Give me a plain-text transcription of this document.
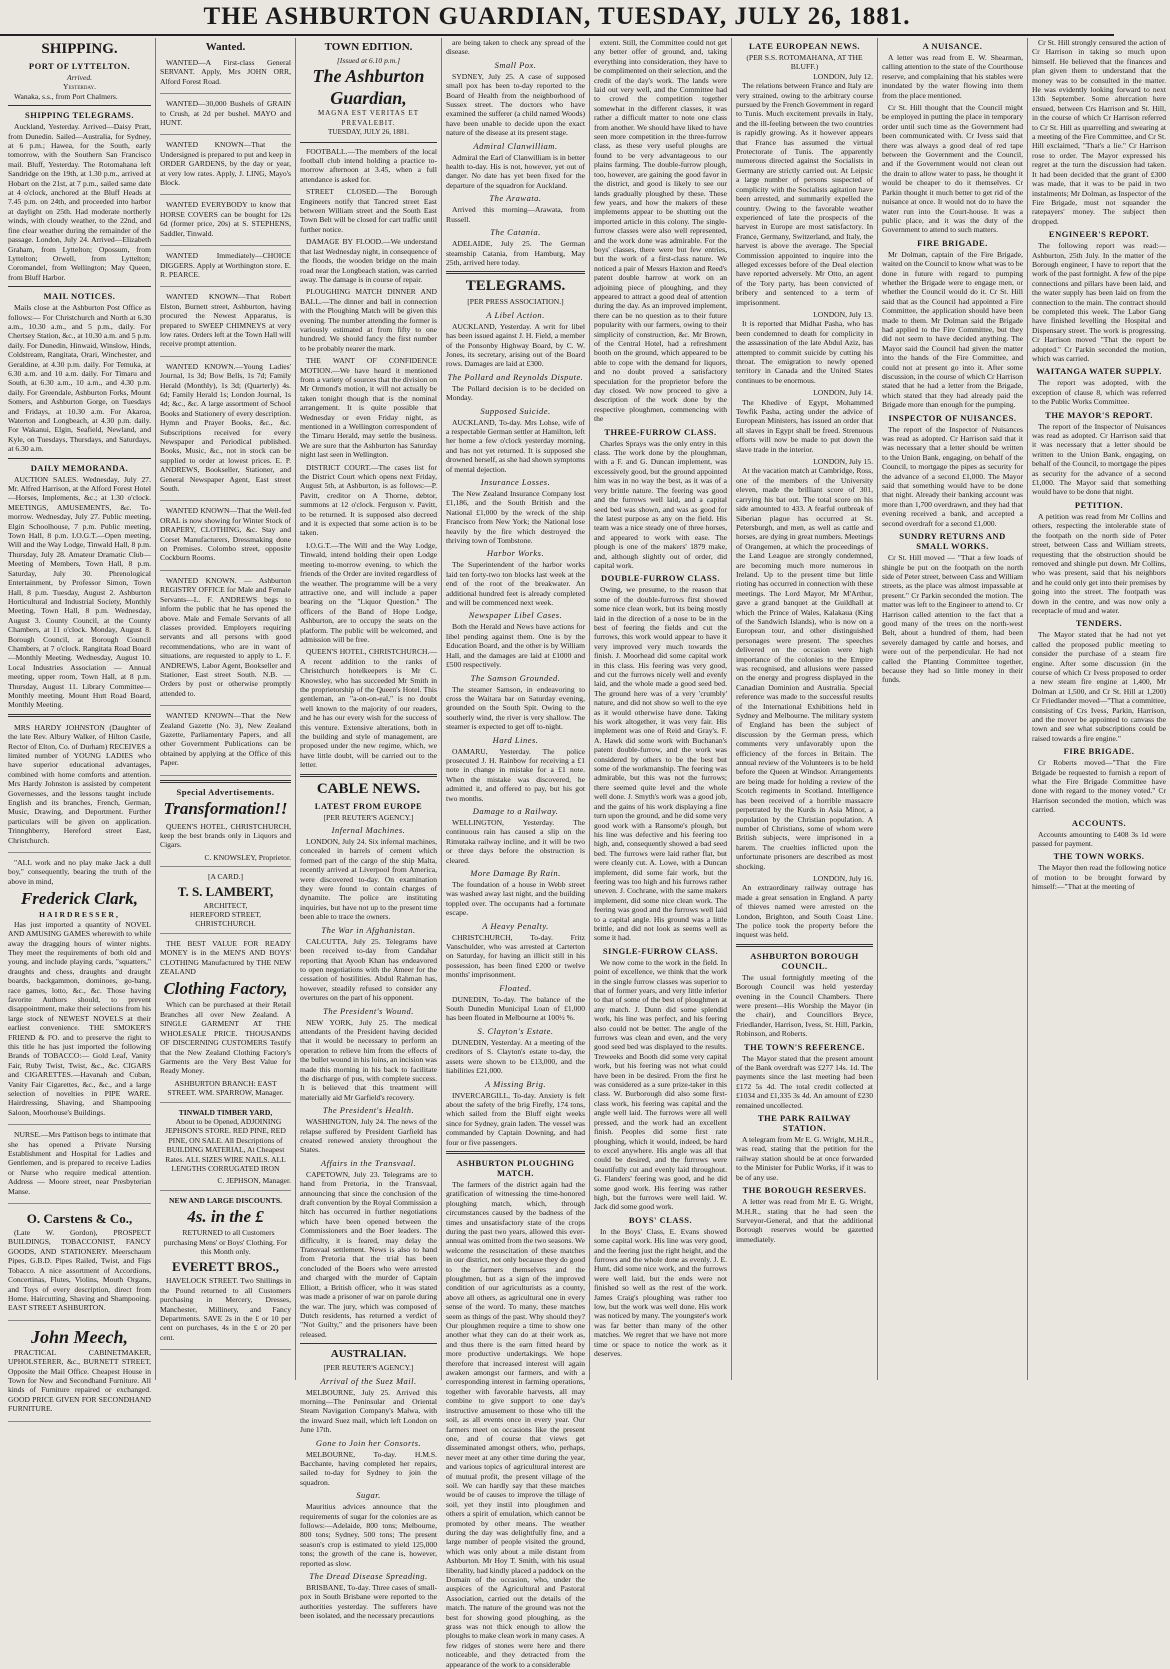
THE ASHBURTON GUARDIAN, TUESDAY, JULY 26, 1881.
SHIPPING.
PORT OF LYTTELTON.
Arrived.
Yesterday.

Wanaka, s.s., from Port Chalmers.

SHIPPING TELEGRAMS.

Auckland, Yesterday. Arrived—Daisy Pratt, from Dunedin. Sailed—Australia, for Sydney, at 6 p.m.; Hawea, for the South, early tomorrow, with the Southern San Francisco mail. Bluff, Yesterday. The Rotomahana left Sandridge on the 19th, at 1.30 p.m., arrived at Hobart on the 21st, at 7 p.m., sailed same date at 4 o'clock, anchored at the Bluff Heads at 7.45 p.m. on 24th, and proceeded into harbor at daylight on 25th. Had moderate northerly winds, with cloudy weather, to the 22nd, and fine clear weather during the remainder of the passage. London, July 24. Arrived—Elizabeth Graham, from Lyttelton; Opossum, from Lyttelton; Orwell, from Lyttelton; Coromandel, from Wellington; May Queen, from Bluff Harbor.

MAIL NOTICES.

Mails close at the Ashburton Post Office as follows:— For Christchurch and North at 6.30 a.m., 10.30 a.m., and 5 p.m., daily. For Chertsey Station, &c., at 10.30 a.m. and 5 p.m. daily. For Dunedin, Hinwaid, Winslow, Hinds, Coldstream, Rangitata, Orari, Winchester, and Geraldine, at 4.30 p.m. daily. For Temuka, at 6.30 a.m. and 10 a.m. daily. For Timaru and South, at 6.30 a.m., 10 a.m., and 4.30 p.m. daily. For Greendale, Ashburton Forks, Mount Somers, and Ashburton Gorge, on Tuesdays and Fridays, at 10.30 a.m. For Akaroa, Waterton and Longbeach, at 4.30 p.m. daily. For Wakanui, Elgin, Seafield, Newland, and Kyle, on Tuesdays, Thursdays, and Saturdays, at 6.30 a.m.

DAILY MEMORANDA.

AUCTION SALES. Wednesday, July 27. Mr. Alfred Harrison, at the Alford Forest Hotel—Horses, Implements, &c.; at 1.30 o'clock. MEETINGS, AMUSEMENTS, &c. To-morrow. Wednesday, July 27. Public meeting, Elgin Schoolhouse, 7 p.m. Public meeting, Town Hall, 8 p.m. I.O.G.T.—Open meeting, Will and the Way Lodge, Tinwald Hall, 8 p.m. Thursday, July 28. Amateur Dramatic Club—Meeting of Members, Town Hall, 8 p.m. Saturday, July 30. Phrenological Entertainment, by Professor Simon, Town Hall, 8 p.m. Tuesday, August 2. Ashburton Horticultural and Industrial Society, Monthly Meeting, Town Hall, 8 p.m. Wednesday, August 3. County Council, at the County Chambers, at 11 o'clock. Monday, August 8. Borough Council, at Borough Council Chambers, at 7 o'clock. Rangitata Road Board—Monthly Meeting. Wednesday, August 10. Local Industries Association — Annual meeting, upper room, Town Hall, at 8 p.m. Thursday, August 11. Library Committee—Monthly meeting. Mount Hutt Road Board, Monthly Meeting.

MRS HARDY JOHNSTON (Daughter of the late Rev. Albury Walker, of Hilton Castle, Rector of Elton, Co. of Durham) RECEIVES a limited number of YOUNG LADIES who have superior educational advantages, combined with home comforts and attention. Mrs Hardy Johnston is assisted by competent Governesses, and the lessons taught include English and its branches, French, German, Music, Drawing, and Deportment. Further particulars will be given on application. Trinnghberry, Hereford street East, Christchurch.

"ALL work and no play make Jack a dull boy," consequently, bearing the truth of the above in mind,

Frederick Clark,
HAIRDRESSER,

Has just imported a quantity of NOVEL AND AMUSING GAMES wherewith to while away the dragging hours of winter nights. They meet the requirements of both old and young, and include playing cards, "squatters," draughts and chess, draughts and draught boards, backgammon, dominoes, go-bang, race games, lotto, &c., &c. Those having favorite Authors should, to prevent disappointment, make their selections from his large stock of NEWEST NOVELS at their earliest convenience. THE SMOKER'S FRIEND & FO. and to preserve the right to this title he has just imported the following Brands of TOBACCO:— Gold Leaf, Vanity Fair, Ruby Twist, Twist, &c., &c. CIGARS and CIGARETTES.—Havanah and Cuban, Vanity Fair Cigarettes, &c., &c., and a large selection of novelties in PIPE WARE. Hairdressing, Shaving, and Shampooing Saloon, Moorhouse's Buildings.

NURSE.—Mrs Pattison begs to intimate that she has opened a Private Nursing Establishment and Hospital for Ladies and Gentlemen, and is prepared to receive Ladies or Nurse who require medical attention. Address — Moore street, near Presbyterian Manse.

O. Carstens & Co.,

(Late W. Gordon), PROSPECT BUILDINGS, TOBACCONIST, FANCY GOODS, AND STATIONERY. Meerschaum Pipes, G.B.D. Pipes Railed, Twist, and Figs Tobacco. A nice assortment of Accordions, Concertinas, Flutes, Violins, Mouth Organs, and Toys of every description, direct from Home. Haircutting, Shaving and Shampooing. EAST STREET ASHBURTON.

John Meech,

PRACTICAL CABINETMAKER, UPHOLSTERER, &c., BURNETT STREET, Opposite the Mail Office. Cheapest House in Town for New and Secondhand Furniture. All kinds of Furniture repaired or exchanged. GOOD PRICE GIVEN FOR SECONDHAND FURNITURE.

Wanted.

WANTED—A First-class General SERVANT. Apply, Mrs JOHN ORR, Alford Forest Road.

WANTED—30,000 Bushels of GRAIN to Crush, at 2d per bushel. MAYO and HUNT.

WANTED KNOWN—That the Undersigned is prepared to put and keep in ORDER GARDENS, by the day or year, at very low rates. Apply, J. LING, Mayo's Block.

WANTED EVERYBODY to know that HORSE COVERS can be bought for 12s 6d (former price, 20s) at S. STEPHENS, Saddler, Tinwald.

WANTED Immediately—CHOICE DIGGERS. Apply at Worthington store. E. R. PEARCE.

WANTED KNOWN—That Robert Elston, Burnett street, Ashburton, having procured the Newest Apparatus, is prepared to SWEEP CHIMNEYS at very low rates. Orders left at the Town Hall will receive prompt attention.

WANTED KNOWN.—Young Ladies' Journal, 1s 3d; Bow Bells, 1s 7d; Family Herald (Monthly), 1s 3d; (Quarterly) 4s. 6d; Family Herald 1s; London Journal, 1s 4d; &c., &c. A large assortment of School Books and Stationery of every description. Hymn and Prayer Books, &c., &c. Subscriptions received for every Newspaper and Periodical published. Books, Music, &c., not in stock can be supplied to order at lowest prices. E. P. ANDREWS, Bookseller, Stationer, and General Newspaper Agent, East street South.

WANTED KNOWN—That the Well-fed ORAL is now showing for Winter Stock of DRAPERY, CLOTHING, &c. Stay and Corset Manufacturers, Dressmaking done on Premises. Colombo street, opposite Cockburn Rooms.

WANTED KNOWN. — Ashburton REGISTRY OFFICE for Male and Female Servants—L. F. ANDREWS begs to inform the public that he has opened the above. Male and Female Servants of all classes provided. Employers requiring servants and all persons with good recommendations, who are in want of situations, are requested to apply to L. F. ANDREWS, Labor Agent, Bookseller and Stationer, East street South. N.B. — Orders by post or otherwise promptly attended to.

WANTED KNOWN—That the New Zealand Gazette (No. 3), New Zealand Gazette, Parliamentary Papers, and all other Government Publications can be obtained by applying at the Office of this Paper.

Special Advertisements.
Transformation!!

QUEEN'S HOTEL, CHRISTCHURCH, keep the best brands only in Liquors and Cigars.

C. KNOWSLEY, Proprietor.
[A CARD.]
T. S. LAMBERT,
ARCHITECT,
HEREFORD STREET, CHRISTCHURCH.

THE BEST VALUE FOR READY MONEY is in the MEN'S AND BOYS' CLOTHING Manufactured by THE NEW ZEALAND

Clothing Factory,

Which can be purchased at their Retail Branches all over New Zealand. A SINGLE GARMENT AT THE WHOLESALE PRICE. THOUSANDS OF DISCERNING CUSTOMERS Testify that the New Zealand Clothing Factory's Garments are the Very Best Value for Ready Money.

ASHBURTON BRANCH: EAST STREET. WM. SPARROW, Manager.
TINWALD TIMBER YARD,

About to be Opened, ADJOINING JEPHSON'S STORE. RED PINE, RED PINE, ON SALE. All Descriptions of BUILDING MATERIAL, At Cheapest Rates. ALL SIZES WIRE NAILS. ALL LENGTHS CORRUGATED IRON

C. JEPHSON, Manager.
NEW AND LARGE DISCOUNTS.
4s. in the £

RETURNED to all Customers purchasing Mens' or Boys' Clothing. For this Month only.

EVERETT BROS.,

HAVELOCK STREET. Two Shillings in the Pound returned to all Customers purchasing in Mercery, Dresses, Manchester, Millinery, and Fancy Departments. SAVE 2s in the £ or 10 per cent on purchases, 4s in the £ or 20 per cent.

TOWN EDITION.
[Issued at 6.10 p.m.]
The Ashburton Guardian,
MAGNA EST VERITAS ET PREVALEBIT.
TUESDAY, JULY 26, 1881.

FOOTBALL.—The members of the local football club intend holding a practice to-morrow afternoon at 3.45, when a full attendance is asked for.

STREET CLOSED.—The Borough Engineers notify that Tancred street East between William street and the South East Town Belt will be closed for cart traffic until further notice.

DAMAGE BY FLOOD.—We understand that last Wednesday night, in consequence of the floods, the wooden bridge on the main road near the Longbeach station, was carried away. The damage is in course of repair.

PLOUGHING MATCH DINNER AND BALL.—The dinner and ball in connection with the Ploughing Match will be given this evening. The number attending the former is variously estimated at from fifty to one hundred. We should fancy the first number to be probably nearer the mark.

THE WANT OF CONFIDENCE MOTION.—We have heard it mentioned from a variety of sources that the division on Mr Ormond's motion, it will not actually be taken tonight though that is the nominal arrangement. It is quite possible that Wednesday or even Friday night, as mentioned in a Wellington correspondent of the Timaru Herald, may settle the business. We are sure that the Ashburton has Saturday night last seen in Wellington.

DISTRICT COURT.—The cases list for the District Court which opens next Friday, August 5th, at Ashburton, is as follows:—P. Pavitt, creditor on A Thorne, debtor, summons at 12 o'clock. Ferguson v. Pavitt, to be returned. It is supposed also decreed and it is expected that some action is to be taken.

I.O.G.T.—The Will and the Way Lodge, Tinwald, intend holding their open Lodge meeting to-morrow evening, to which the friends of the Order are invited regardless of the weather. The programme will be a very attractive one, and will include a paper bearing on the "Liquor Question." The officers of the Band of Hope Lodge, Ashburton, are to occupy the seats on the platform. The public will be welcomed, and admission will be free.

QUEEN'S HOTEL, CHRISTCHURCH.—A recent addition to the ranks of Christchurch hotelkeepers is Mr C. Knowsley, who has succeeded Mr Smith in the proprietorship of the Queen's Hotel. This gentleman, an "a-on-on-eal," is no doubt well known to the majority of our readers, and he has our every wish for the success of this venture. Extensive alterations, both in the building and style of management, are proposed under the new regime, which, we have little doubt, will be carried out to the letter.

CABLE NEWS.
LATEST FROM EUROPE
[PER REUTER'S AGENCY.]
Infernal Machines.

LONDON, July 24. Six infernal machines, concealed in barrels of cement which formed part of the cargo of the ship Malta, recently arrived at Liverpool from America, were discovered to-day. On examination they were found to contain charges of dynamite. The police are instituting inquiries, but have not up to the present time been able to trace the owners.

The War in Afghanistan.

CALCUTTA, July 25. Telegrams have been received to-day from Candahar reporting that Ayoob Khan has endeavored to open negotiations with the Ameer for the cessation of hostilities. Abdul Rahman has, however, steadily refused to consider any overtures on the part of his opponent.

The President's Wound.

NEW YORK, July 25. The medical attendants of the President having decided that it would be necessary to perform an operation to relieve him from the effects of the bullet wound in his loins, an incision was made this morning in his back to facilitate the discharge of pus, with complete success. It is believed that this treatment will materially aid Mr Garfield's recovery.

The President's Health.

WASHINGTON, July 24. The news of the relapse suffered by President Garfield has created renewed anxiety throughout the States.

Affairs in the Transvaal.

CAPETOWN, July 23. Telegrams are to hand from Pretoria, in the Transvaal, announcing that since the conclusion of the draft convention by the Royal Commission a hitch has occurred in further negotiations which have been opened between the Commissioners and the Boer leaders. The difficulty, it is feared, may delay the Transvaal settlement. News is also to hand from Pretoria that the trial has been concluded of the Boers who were arrested and charged with the murder of Captain Elliott, a British officer, who it was stated was made a prisoner of war on parole during the war. The jury, which was composed of Dutch residents, has returned a verdict of "Not Guilty," and the prisoners have been released.

AUSTRALIAN.
[PER REUTER'S AGENCY.]
Arrival of the Suez Mail.

MELBOURNE, July 25. Arrived this morning—The Peninsular and Oriental Steam Navigation Company's Malwa, with the inward Suez mail, which left London on June 17th.

Gone to Join her Consorts.

MELBOURNE, To-day. H.M.S. Bacchante, having completed her repairs, sailed to-day for Sydney to join the squadron.

Sugar.

Mauritius advices announce that the requirements of sugar for the colonies are as follows:—Adelaide, 800 tons; Melbourne, 800 tons; Sydney, 500 tons; The present season's crop is estimated to yield 125,000 tons; the growth of the cane is, however, reported as slow.

The Dread Disease Spreading.

BRISBANE, To-day. Three cases of small-pox in South Brisbane were reported to the authorities yesterday. The sufferers have been isolated, and the necessary precautions

are being taken to check any spread of the disease.

Small Pox.

SYDNEY, July 25. A case of supposed small pox has been to-day reported to the Board of Health from the neighborhood of Sussex street. The doctors who have examined the sufferer (a child named Woods) have been unable to decide upon the exact nature of the disease at its present stage.

Admiral Clanwilliam.

Admiral the Earl of Clanwilliam is in better health to-day. His is not, however, yet out of danger. No date has yet been fixed for the departure of the squadron for Auckland.

The Arawata.

Arrived this morning—Arawata, from Russell.

The Catania.

ADELAIDE, July 25. The German steamship Catania, from Hamburg, May 25th, arrived here today.

TELEGRAMS.
[PER PRESS ASSOCIATION.]
A Libel Action.

AUCKLAND, Yesterday. A writ for libel has been issued against J. H. Field, a member of the Ponsonby Highway Board, by C. W. Jones, its secretary, arising out of the Board rows. Damages are laid at £300.

The Pollard and Reynolds Dispute.

The Pollard decision is to be decided on Monday.

Supposed Suicide.

AUCKLAND, To-day. Mrs Lohse, wife of a respectable German settler at Hamilton, left her home a few o'clock yesterday morning, and has not yet returned. It is supposed she drowned herself, as she had shown symptoms of mental dejection.

Insurance Losses.

The New Zealand Insurance Company lost £1,186, and the South British and the National £1,000 by the wreck of the ship Francisco from New York; the National lose heavily by the fire which destroyed the thriving town of Tombstone.

Harbor Works.

The Superintendent of the harbor works laid ten forty-two ton blocks last week at the end of the root of the breakwater. An additional hundred feet is already completed and will be commenced next week.

Newspaper Libel Cases.

Both the Herald and News have actions for libel pending against them. One is by the Education Board, and the other is by William Hall, and the damages are laid at £1000 and £500 respectively.

The Samson Grounded.

The steamer Samson, in endeavoring to cross the Waitara bar on Saturday evening, grounded on the South Spit. Owing to the southerly wind, the river is very shallow. The steamer is expected to get off to-night.

Hard Lines.

OAMARU, Yesterday. The police prosecuted J. H. Rainbow for receiving a £1 note in change in mistake for a £1 note. When the mistake was discovered, he admitted it, and offered to pay, but his got two months.

Damage to a Railway.

WELLINGTON, Yesterday. The continuous rain has caused a slip on the Rimutaka railway incline, and it will be two or three days before the obstruction is cleared.

More Damage By Rain.

The foundation of a house in Webb street was washed away last night, and the building toppled over. The occupants had a fortunate escape.

A Heavy Penalty.

CHRISTCHURCH, To-day. Fritz Vanschulder, who was arrested at Carterton on Saturday, for having an illicit still in his possession, has been fined £200 or twelve months' imprisonment.

Floated.

DUNEDIN, To-day. The balance of the South Dunedin Municipal Loan of £1,000 has been floated in Melbourne at 100½ %.

S. Clayton's Estate.

DUNEDIN, Yesterday. At a meeting of the creditors of S. Clayton's estate to-day, the assets were shown to be £13,000, and the liabilities £21,000.

A Missing Brig.

INVERCARGILL, To-day. Anxiety is felt about the safety of the brig Firefly, 174 tons, which sailed from the Bluff eight weeks since for Sydney, grain laden. The vessel was commanded by Captain Downing, and had four or five passengers.

ASHBURTON PLOUGHING MATCH.

The farmers of the district again had the gratification of witnessing the time-honored ploughing match, which, through circumstances caused by the badness of the times and unsatisfactory state of the crops during the past two years, allowed this ever-annual was omitted from the two seasons. We welcome the resuscitation of these matches in our district, not only because they do good to the farmers themselves and the ploughmen, but as a sign of the improved condition of our agriculturists as a county, above all others, as agricultural one in every sense of the word. To many, these matches seem as things of the past. Why should they? Our ploughmen require a time to show one another what they can do at their work as, and thus there is the earn fitted heard by more productive undertakings. We hope therefore that increased interest will again awaken amongst our farmers, and with a corresponding interest in farming operations, together with favorable harvests, all may combine to give support to one day's instructive amusement to those who till the soil, as all events once in every year. Our farmers meet on occasions like the present one, and of course that views get disseminated amongst others, who, perhaps, never meet at any other time during the year, and various topics of agricultural interest are of mutual profit, the present village of the soil. We can hardly say that these matches would be of causes to improve the tillage of soil, yet they instil into ploughmen and others a spirit of emulation, which cannot be promoted by other means. The weather during the day was delightfully fine, and a large number of people visited the ground, which was only about a mile distant from Ashburton. Mr Hoy T. Smith, with his usual liberality, had kindly placed a paddock on the Domain of the occasion, who, under the auspices of the Agricultural and Pastoral Association, carried out the details of the match. The nature of the ground was not the best for showing good ploughing, as the grass was not thick enough to allow the ploughs to make clean work in many cases. A few ridges of stones were here and there noticeable, and they detracted from the appearance of the work to a considerable

extent. Still, the Committee could not get any better offer of ground, and, taking everything into consideration, they have to be complimented on their selection, and the credit of the day's work. The lands were laid out very well, and the Committee had to crowd the competition together somewhat in the different classes, it was rather a difficult matter to note one class from another. We should have liked to have seen more competition in the three-furrow class, as these very useful ploughs are found to be very advantageous to our plains farming. The double-furrow plough, too, however, are gaining the good favor in the district, and good is likely to see our lands gradually ploughed by these. These few years, and how the makers of these implements appear to be shutting out the imported article in this colony. The single-furrow classes were also well represented, and the work done was admirable. For the boys' classes, there were but few entries, but the work of a first-class nature. We noticed a pair of Messrs Haxton and Reed's patent double harrow at work on an adjoining piece of ploughing, and they appeared to attract a good deal of attention during the day. As an improved implement, there can be no question as to their future popularity with our farmers, owing to their simplicity of construction, &c. Mr Brown, of the Central Hotel, had a refreshment booth on the ground, which appeared to be able to cope with the demand for liquors, and no doubt proved a satisfactory speculation for the proprietor before the day closed. We now proceed to give a description of the work done by the respective ploughmen, commencing with the

THREE-FURROW CLASS.

Charles Sprays was the only entry in this class. The work done by the ploughman, with a F. and G. Duncan implement, was excessively good, but the ground appointed him was in no way the best, as it was of a very brittle nature. The feering was good and the furrows well laid, and a capital seed bed was shown, and was as good for the latest purpose as any on the field. His team was a nice steady one of three horses, and appeared to work with ease. The plough is one of the makers' 1879 make, and, although slightly out of order, did capital work.

DOUBLE-FURROW CLASS.

Owing, we presume, to the reason that some of the double-furrows first showed some nice clean work, but its being mostly laid in the direction of a nose to be in the best of feering the fields and cut the furrows, this work would appear to have it very improved very much towards the finish. J. Moorhead did some capital work in this class. His feering was very good, and cut the furrows nicely well and evenly laid, and the whole made a good seed bed. The ground here was of a very 'crumbly' nature, and did not show so well to the eye as it would otherwise have done. Taking his work altogether, it was very fair. His implement was one of Reid and Gray's. F. A. Hawk did some work with Buchanan's patent double-furrow, and the work was considered by others to be the best but some of the workmanship. The feering was admirable, but this was not the furrows; there seemed quite level and the whole well done. J. Smyth's work was a good job, and the gains of his work displaying a fine turn upon the ground, and he did some very good work with a Ransome's plough, but his line was defective and his feering too high, and, consequently showed a bad seed bed. The furrows were laid rather flat, but were cleanly cut. A. Lowe, with a Duncan implement, did some fair work, but the feering was too high and his furrows rather uneven. J. Cochrane, with the same makers implement, did some nice clean work. The feering was good and the furrows well laid to a capital angle. His ground was a little brittle, and did not look as seems well as some it had.

SINGLE-FURROW CLASS.

We now come to the work in the field. In point of excellence, we think that the work in the single furrow classes was superior to that of former years, and very little inferior to that of some of the best of ploughmen at any match. J. Dunn did some splendid work, his line was perfect, and his feering also could not be better. The angle of the furrows was clean and even, and the very good seed bed was displayed to the results. Treweeks and Booth did some very capital work, but his feering was not what could have been in be desired. From the first he was considered as a sure prize-taker in this class. W. Burborough did also some first-class work, his feering was capital and the angle well laid. The furrows were all well pressed, and the work had an excellent finish. Peoples did some first rate ploughing, which it would, indeed, be hard to excel anywhere. His angle was all that could be desired, and the furrows were beautifully cut and evenly laid throughout. G. Flanders' feering was good, and he did some good work. His feering was rather high, but the furrows were well laid. W. Jack did some good work.

BOYS' CLASS.

In the Boys' Class, E. Evans showed some capital work. His line was very good, and the feering just the right height, and the furrows and the whole done as evenly. J. E. Hunt, did some nice work, and the furrows were well laid, but the ends were not finished so well as the rest of the work. James Craig's ploughing was rather too low, but the work was well done. His work was noticed by many. The youngster's work was far better than many of the other matches. We regret that we have not more time or space to notice the work as it deserves.

LATE EUROPEAN NEWS.
(PER S.S. ROTOMAHANA, AT THE BLUFF.)
LONDON, July 12.

The relations between France and Italy are very strained, owing to the arbitrary course pursued by the French Government in regard to Tunis. Much excitement prevails in Italy, and the ill-feeling between the two countries is rapidly growing. As it however appears that France has assumed the virtual Protectorate of Tunis. The apparently numerous directed against the Socialists in Germany are strictly carried out. At Leipsic a large number of persons suspected of complicity with the Socialists agitation have been arrested, and summarily expelled the country. Owing to the favorable weather experienced of late the prospects of the harvest in Europe are most satisfactory. In France, Germany, Switzerland, and Italy, the harvest is above the average. The Special Commission appointed to inquire into the alleged excesses before of the Deal election have reported adversely. Mr Otto, an agent of the Tory party, has been convicted of bribery and sentenced to a term of imprisonment.

LONDON, July 13.

It is reported that Midhat Pasha, who has been condemned to death for complicity in the assassination of the late Abdul Aziz, has attempted to commit suicide by cutting his throat. The emigration to newly opened territory in Canada and the United States continues to be enormous.

LONDON, July 14.

The Khedive of Egypt, Mohammed Tewfik Pasha, acting under the advice of European Ministers, has issued an order that all slaves in Egypt shall be freed. Strenuous efforts will now be made to put down the slave trade in the interior.

LONDON, July 15.

At the vacation match at Cambridge, Ross, one of the members of the University eleven, made the brilliant score of 301, carrying his bat out. The total score on his side amounted to 433. A fearful outbreak of Siberian plague has occurred at St. Petersburgh, and men, as well as cattle and horses, are dying in great numbers. Meetings of Orangemen, at which the proceedings of the Land League are strongly condemned, are becoming much more numerous in Ireland. Up to the present time but little rioting has occurred in connection with these meetings. The Lord Mayor, Mr M'Arthur, gave a grand banquet at the Guildhall at which the Prince of Wales, Kalakaua (King of the Sandwich Islands), who is now on a European tour, and other distinguished personages were present. The speeches delivered on the occasion were high importance of the colonies to the Empire was recognised, and allusions were passed on the energy and progress displayed in the Canadian Dominion and Australia. Special reference was made to the successful results of the International Exhibitions held in Sydney and Melbourne. The military system of England has been the subject of discussion by the German press, which comments very unfavorably upon the efficiency of the forces in Britain. The annual review of the Volunteers is to be held before the Queen at Windsor. Arrangements are being made for holding a review of the Scotch regiments in Scotland. Intelligence has been received of a horrible massacre perpetrated by the Kurds in Asia Minor, a population by the Christian population. A number of Christians, some of whom were British subjects, were imprisoned in a harem. The cruelties inflicted upon the unfortunate prisoners are described as most shocking.

LONDON, July 16.

An extraordinary railway outrage has made a great sensation in England. A party of thieves named were arrested on the London, Brighton, and South Coast Line. The police took the property before the inquest was held.

ASHBURTON BOROUGH COUNCIL.

The usual fortnightly meeting of the Borough Council was held yesterday evening in the Council Chambers. There were present—His Worship the Mayor (in the chair), and Councillors Bryce, Friedlander, Harrison, Ivess, St. Hill, Parkin, Robinson, and Roberts.

THE TOWN'S REFERENCE.

The Mayor stated that the present amount of the Bank overdraft was £277 14s. 1d. The payments since the last meeting had been £172 5s 4d. The total credit collected at £1034 and £1,335 3s 4d. An amount of £230 remained uncollected.

THE PARK RAILWAY STATION.

A telegram from Mr E. G. Wright, M.H.R., was read, stating that the petition for the railway station should be at once forwarded to the Minister for Public Works, if it was to be of any use.

THE BOROUGH RESERVES.

A letter was read from Mr E. G. Wright, M.H.R., stating that he had seen the Surveyor-General, and that the additional Borough reserves would be gazetted immediately.

A NUISANCE.

A letter was read from E. W. Shearman, calling attention to the state of the Courthouse reserve, and complaining that his stables were inundated by the water flowing into them from the place mentioned.

Cr St. Hill thought that the Council might be employed in putting the place in temporary order until such time as the Government had been communicated with. Cr Ivess said that there was always a good deal of red tape between the Government and the Council, and if the Government would not clean out the drain to allow water to pass, he thought it would be cheaper to do it themselves. Cr Parkin thought it much better to get rid of the nuisance at once. It would not do to have the water run into the Court-house. It was a public place, and it was the duty of the Government to attend to such matters.

FIRE BRIGADE.

Mr Dolman, captain of the Fire Brigade, waited on the Council to know what was to be done in future with regard to pumping whether the Brigade were to engage men, or whether the Council would do it. Cr St. Hill said that as the Council had appointed a Fire Committee, the application should have been made to them. Mr Dolman said the Brigade had applied to the Fire Committee, but they did not seem to have decided anything. The Mayor said the Council had given the matter into the hands of the Fire Committee, and could not at present go into it. After some discussion, in the course of which Cr Harrison stated that he had a letter from the Brigade, which stated that they had already paid the Brigade more than enough for the pumping.

INSPECTOR OF NUISANCES.

The report of the Inspector of Nuisances was read as adopted. Cr Harrison said that it was necessary that a letter should be written to the Union Bank, engaging, on behalf of the Council, to mortgage the pipes as security for the advance of a second £1,000. The Mayor said that something would have to be done that night. Already their banking account was more than 1,700 overdrawn, and they had that evening received a bank, and accepted a second overdraft for a second £1,000.

SUNDRY RETURNS AND SMALL WORKS.

Cr St. Hill moved — "That a few loads of shingle be put on the footpath on the north side of Peter street, between Cass and William streets, as the place was almost impassable at present." Cr Parkin seconded the motion. The matter was left to the Engineer to attend to. Cr Harrison called attention to the fact that a good many of the trees on the north-west Belt, about a hundred of them, had been severely damaged by cattle and horses, and were out of the perpendicular. He had not called the Planting Committee together, because they had so little money in their funds.

Cr St. Hill strongly censured the action of Cr Harrison in taking so much upon himself. He believed that the finances and plan given them to understand that the money was to be consulted in the matter. He was evidently looking forward to next 13th September. Some altercation here ensued, between Crs Harrison and St. Hill, in the course of which Cr Harrison referred to Cr St. Hill as quarrelling and swearing at a meeting of the Fire Committee, and Cr St. Hill exclaimed, "That's a lie." Cr Harrison rose to order. The Mayor expressed his regret at the turn the discussion had taken. It had been decided that the grant of £300 was made, that it was to be paid in two instalments; Mr Dolman, as Inspector of the Fire Brigade, must not squander the ratepayers' money. The subject then dropped.

ENGINEER'S REPORT.

The following report was read:— Ashburton, 25th July. In the matter of the Borough engineer, I have to report that the work of the past fortnight. A few of the pipe connections and pillars have been laid, and the water supply has been laid on from the connection to the main. The contract should be completed this week. The Labor Gang have finished levelling the Hospital and Dispensary street. The work is progressing. Cr Harrison moved "That the report be adopted." Cr Parkin seconded the motion, which was carried.

WAITANGA WATER SUPPLY.

The report was adopted, with the exception of clause 8, which was referred to the Public Works Committee.

THE MAYOR'S REPORT.

The report of the Inspector of Nuisances was read as adopted. Cr Harrison said that it was necessary that a letter should be written to the Union Bank, engaging, on behalf of the Council, to mortgage the pipes as security for the advance of a second £1,000. The Mayor said that something would have to be done that night.

PETITION.

A petition was read from Mr Collins and others, respecting the intolerable state of the footpath on the north side of Peter street, between Cass and William streets, requesting that the obstruction should be removed and shingle put down. Mr Collins, who was present, said that his neighbors and he could only get into their premises by going into the street. The footpath was down in the centre, and was now only a receptacle of mud and water.

TENDERS.

The Mayor stated that he had not yet called the proposed public meeting to consider the purchase of a steam fire engine. After some discussion (in the course of which Cr Ivess proposed to order a new steam fire engine at 1,400, Mr Dolman at 1,500, and Cr St. Hill at 1,200) Cr Friedlander moved—"That a committee, consisting of Crs Ivess, Parkin, Harrison, and the mover be appointed to canvass the town and see what subscriptions could be raised towards a fire engine."

FIRE BRIGADE.

Cr Roberts moved—"That the Fire Brigade be requested to furnish a report of what the Fire Brigade Committee have done with regard to the money voted." Cr Harrison seconded the motion, which was carried.

ACCOUNTS.

Accounts amounting to £408 3s 1d were passed for payment.

THE TOWN WORKS.

The Mayor then read the following notice of motion to be brought forward by himself:—"That at the meeting of
